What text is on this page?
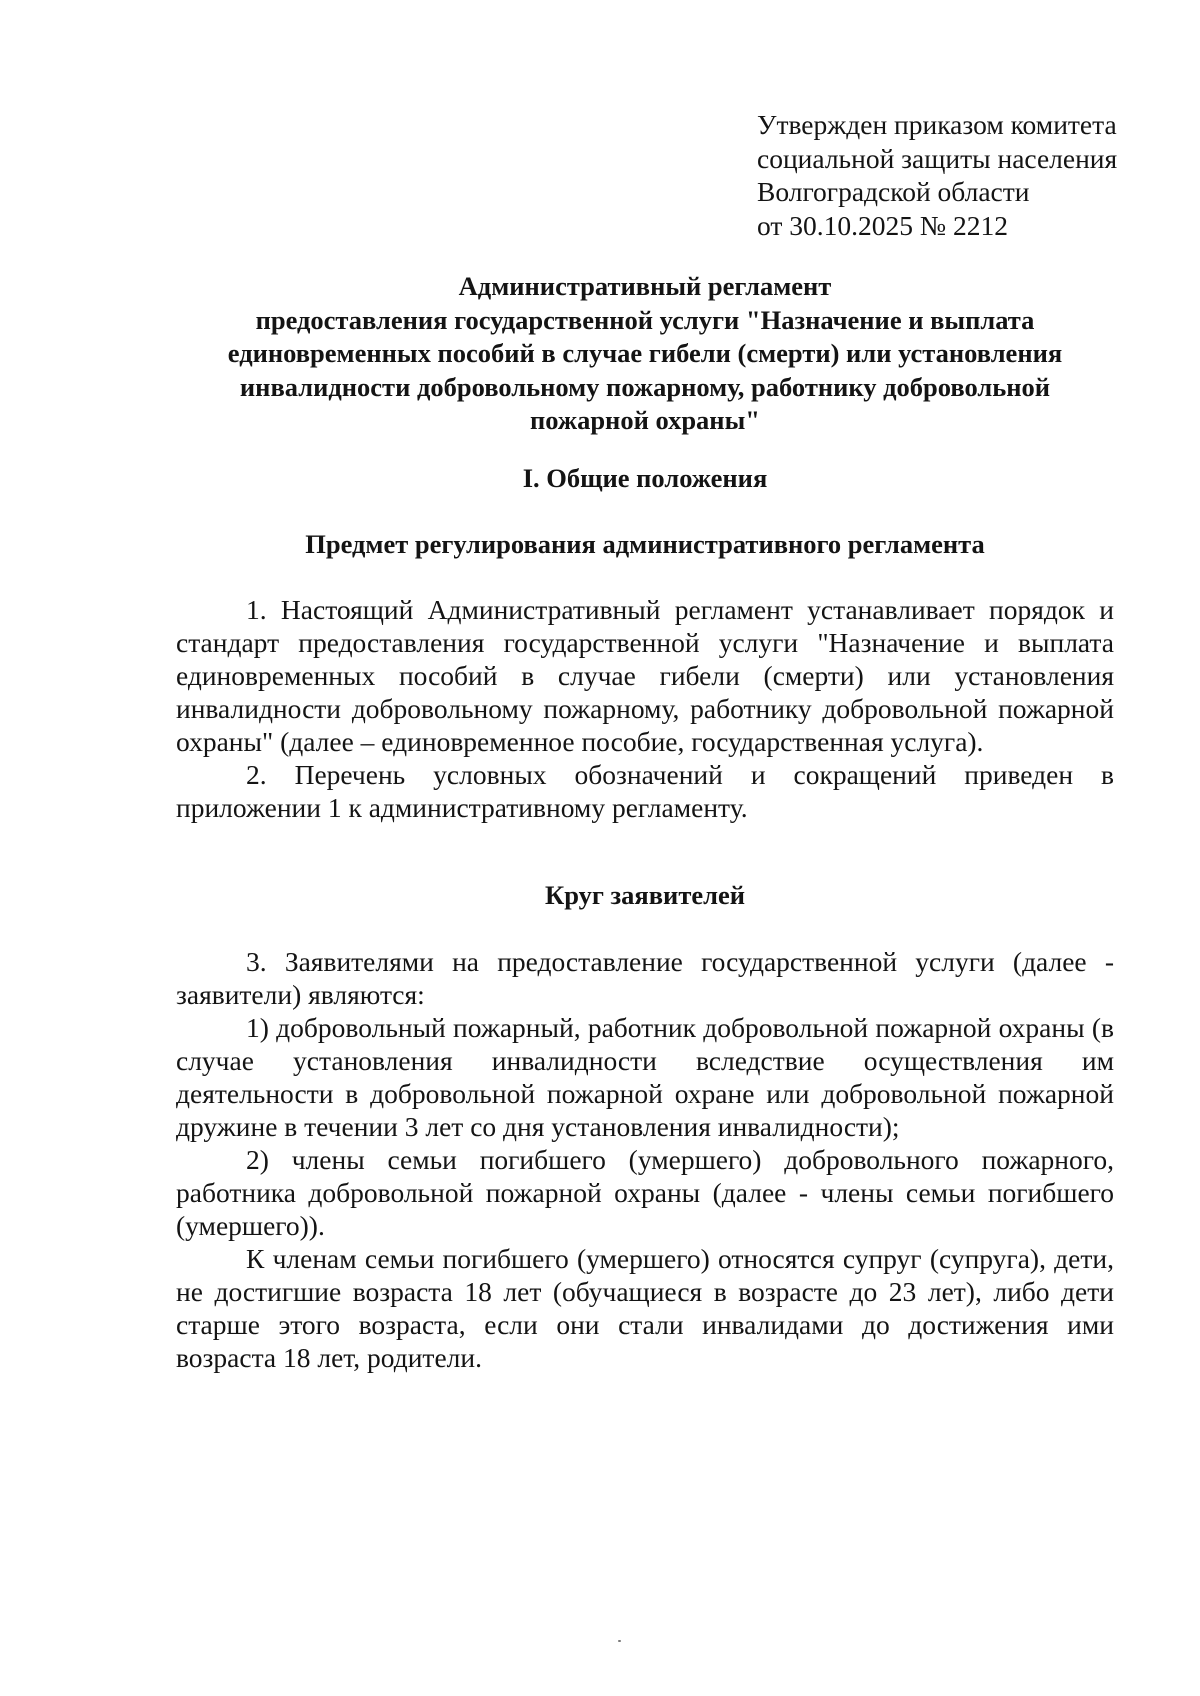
Утвержден приказом комитета
социальной защиты населения
Волгоградской области
от 30.10.2025 № 2212
Административный регламент
предоставления государственной услуги "Назначение и выплата
единовременных пособий в случае гибели (смерти) или установления
инвалидности добровольному пожарному, работнику добровольной
пожарной охраны"
I. Общие положения
Предмет регулирования административного регламента

1. Настоящий Административный регламент устанавливает порядок и стандарт предоставления государственной услуги "Назначение и выплата единовременных пособий в случае гибели (смерти) или установления инвалидности добровольному пожарному, работнику добровольной пожарной охраны" (далее – единовременное пособие, государственная услуга).

2. Перечень условных обозначений и сокращений приведен в приложении 1 к административному регламенту.

Круг заявителей

3. Заявителями на предоставление государственной услуги (далее - заявители) являются:

1) добровольный пожарный, работник добровольной пожарной охраны (в случае установления инвалидности вследствие осуществления им деятельности в добровольной пожарной охране или добровольной пожарной дружине в течении 3 лет со дня установления инвалидности);

2) члены семьи погибшего (умершего) добровольного пожарного, работника добровольной пожарной охраны (далее - члены семьи погибшего (умершего)).

К членам семьи погибшего (умершего) относятся супруг (супруга), дети, не достигшие возраста 18 лет (обучащиеся в возрасте до 23 лет), либо дети старше этого возраста, если они стали инвалидами до достижения ими возраста 18 лет, родители.
